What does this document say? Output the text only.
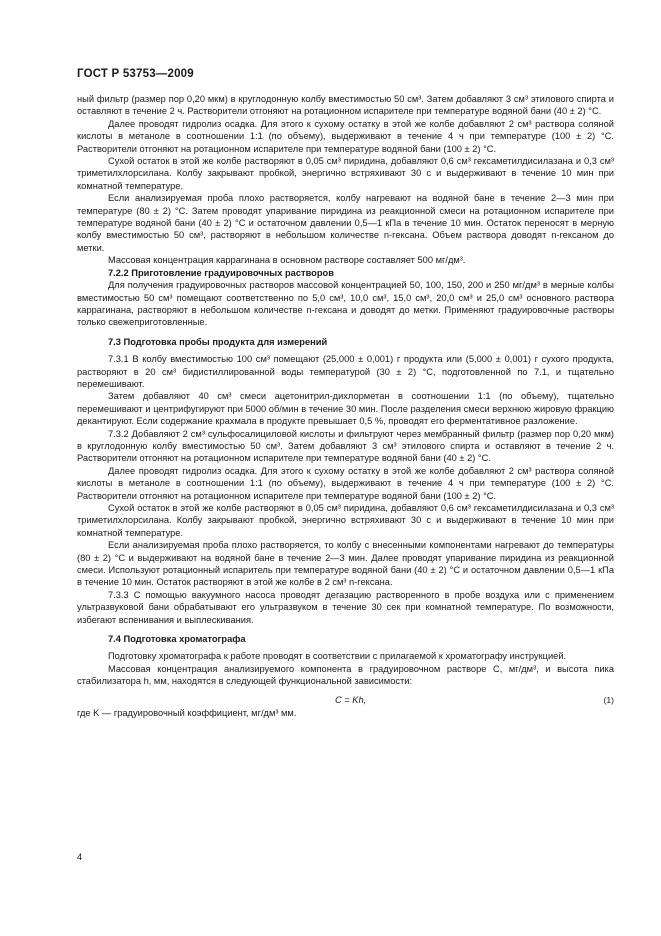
ГОСТ Р 53753—2009

ный фильтр (размер пор 0,20 мкм) в круглодонную колбу вместимостью 50 см³. Затем добавляют 3 см³ этилового спирта и оставляют в течение 2 ч. Растворители отгоняют на ротационном испарителе при температуре водяной бани (40 ± 2) °С.

Далее проводят гидролиз осадка. Для этого к сухому остатку в этой же колбе добавляют 2 см³ раствора соляной кислоты в метаноле в соотношении 1:1 (по объему), выдерживают в течение 4 ч при температуре (100 ± 2) °С. Растворители отгоняют на ротационном испарителе при температуре водяной бани (100 ± 2) °С.

Сухой остаток в этой же колбе растворяют в 0,05 см³ пиридина, добавляют 0,6 см³ гексаметилдисилазана и 0,3 см³ триметилхлорсилана. Колбу закрывают пробкой, энергично встряхивают 30 с и выдерживают в течение 10 мин при комнатной температуре.

Если анализируемая проба плохо растворяется, колбу нагревают на водяной бане в течение 2—3 мин при температуре (80 ± 2) °С. Затем проводят упаривание пиридина из реакционной смеси на ротационном испарителе при температуре водяной бани (40 ± 2) °С и остаточном давлении 0,5—1 кПа в течение 10 мин. Остаток переносят в мерную колбу вместимостью 50 см³, растворяют в небольшом количестве n-гексана. Объем раствора доводят n-гексаном до метки.

Массовая концентрация каррагинана в основном растворе составляет 500 мг/дм³.

7.2.2 Приготовление градуировочных растворов

Для получения градуировочных растворов массовой концентрацией 50, 100, 150, 200 и 250 мг/дм³ в мерные колбы вместимостью 50 см³ помещают соответственно по 5,0 см³, 10,0 см³, 15,0 см³, 20,0 см³ и 25,0 см³ основного раствора каррагинана, растворяют в небольшом количестве n-гексана и доводят до метки. Применяют градуировочные растворы только свежеприготовленные.

7.3 Подготовка пробы продукта для измерений

7.3.1 В колбу вместимостью 100 см³ помещают (25,000 ± 0,001) г продукта или (5,000 ± 0,001) г сухого продукта, растворяют в 20 см³ бидистиллированной воды температурой (30 ± 2) °С, подготовленной по 7.1, и тщательно перемешивают.

Затем добавляют 40 см³ смеси ацетонитрил-дихлорметан в соотношении 1:1 (по объему), тщательно перемешивают и центрифугируют при 5000 об/мин в течение 30 мин. После разделения смеси верхнюю жировую фракцию декантируют. Если содержание крахмала в продукте превышает 0,5 %, проводят его ферментативное разложение.

7.3.2 Добавляют 2 см³ сульфосалициловой кислоты и фильтруют через мембранный фильтр (размер пор 0,20 мкм) в круглодонную колбу вместимостью 50 см³. Затем добавляют 3 см³ этилового спирта и оставляют в течение 2 ч. Растворители отгоняют на ротационном испарителе при температуре водяной бани (40 ± 2) °С.

Далее проводят гидролиз осадка. Для этого к сухому остатку в этой же колбе добавляют 2 см³ раствора соляной кислоты в метаноле в соотношении 1:1 (по объему), выдерживают в течение 4 ч при температуре (100 ± 2) °С. Растворители отгоняют на ротационном испарителе при температуре водяной бани (100 ± 2) °С.

Сухой остаток в этой же колбе растворяют в 0,05 см³ пиридина, добавляют 0,6 см³ гексаметилдисилазана и 0,3 см³ триметилхлорсилана. Колбу закрывают пробкой, энергично встряхивают 30 с и выдерживают в течение 10 мин при комнатной температуре.

Если анализируемая проба плохо растворяется, то колбу с внесенными компонентами нагревают до температуры (80 ± 2) °С и выдерживают на водяной бане в течение 2—3 мин. Далее проводят упаривание пиридина из реакционной смеси. Используют ротационный испаритель при температуре водяной бани (40 ± 2) °С и остаточном давлении 0,5—1 кПа в течение 10 мин. Остаток растворяют в этой же колбе в 2 см³ n-гексана.

7.3.3 С помощью вакуумного насоса проводят дегазацию растворенного в пробе воздуха или с применением ультразвуковой бани обрабатывают его ультразвуком в течение 30 сек при комнатной температуре. По возможности, избегают вспенивания и выплескивания.

7.4 Подготовка хроматографа

Подготовку хроматографа к работе проводят в соответствии с прилагаемой к хроматографу инструкцией.

Массовая концентрация анализируемого компонента в градуировочном растворе С, мг/дм³, и высота пика стабилизатора h, мм, находятся в следующей функциональной зависимости:

C = Kh,	(1)

где K — градуировочный коэффициент, мг/дм³ мм.

4
